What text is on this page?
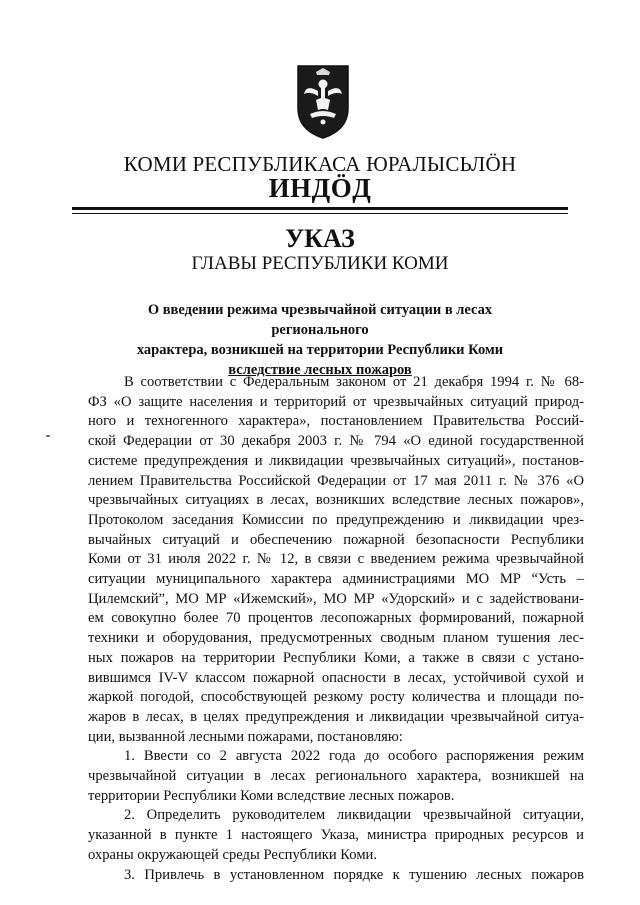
КОМИ РЕСПУБЛИКАСА ЮРАЛЫСЬЛӦН
ИНДӦД
УКАЗ
ГЛАВЫ РЕСПУБЛИКИ КОМИ
О введении режима чрезвычайной ситуации в лесах регионального
характера, возникшей на территории Республики Коми
вследствие лесных пожаров

В соответствии с Федеральным законом от 21 декабря 1994 г. № 68-

ФЗ «О защите населения и территорий от чрезвычайных ситуаций природ-

ного и техногенного характера», постановлением Правительства Россий-

ской Федерации от 30 декабря 2003 г. № 794 «О единой государственной

системе предупреждения и ликвидации чрезвычайных ситуаций», постанов-

лением Правительства Российской Федерации от 17 мая 2011 г. № 376 «О

чрезвычайных ситуациях в лесах, возникших вследствие лесных пожаров»,

Протоколом заседания Комиссии по предупреждению и ликвидации чрез-

вычайных ситуаций и обеспечению пожарной безопасности Республики

Коми от 31 июля 2022 г. № 12, в связи с введением режима чрезвычайной

ситуации муниципального характера администрациями МО МР “Усть –

Цилемский”, МО МР «Ижемский», МО МР «Удорский» и с задействовани-

ем совокупно более 70 процентов лесопожарных формирований, пожарной

техники и оборудования, предусмотренных сводным планом тушения лес-

ных пожаров на территории Республики Коми, а также в связи с устано-

вившимся IV-V классом пожарной опасности в лесах, устойчивой сухой и

жаркой погодой, способствующей резкому росту количества и площади по-

жаров в лесах, в целях предупреждения и ликвидации чрезвычайной ситуа-

ции, вызванной лесными пожарами, постановляю:

1. Ввести со 2 августа 2022 года до особого распоряжения режим

чрезвычайной ситуации в лесах регионального характера, возникшей на

территории Республики Коми вследствие лесных пожаров.

2. Определить руководителем ликвидации чрезвычайной ситуации,

указанной в пункте 1 настоящего Указа, министра природных ресурсов и

охраны окружающей среды Республики Коми.

3. Привлечь в установленном порядке к тушению лесных пожаров
